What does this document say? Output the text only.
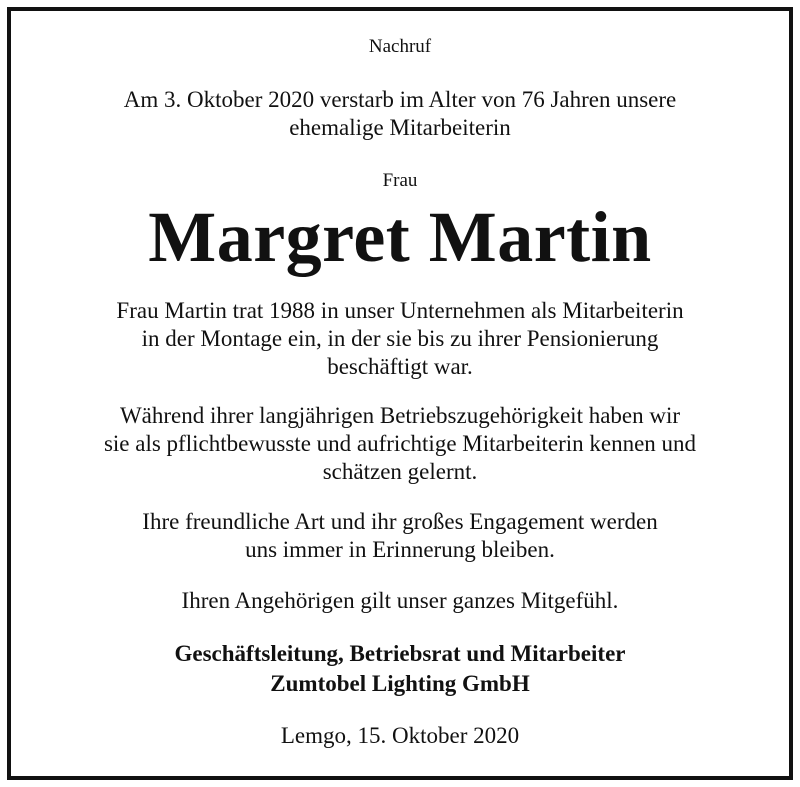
Nachruf
Am 3. Oktober 2020 verstarb im Alter von 76 Jahren unsere
ehemalige Mitarbeiterin
Frau
Margret Martin
Frau Martin trat 1988 in unser Unternehmen als Mitarbeiterin
in der Montage ein, in der sie bis zu ihrer Pensionierung
beschäftigt war.
Während ihrer langjährigen Betriebszugehörigkeit haben wir
sie als pflichtbewusste und aufrichtige Mitarbeiterin kennen und
schätzen gelernt.
Ihre freundliche Art und ihr großes Engagement werden
uns immer in Erinnerung bleiben.
Ihren Angehörigen gilt unser ganzes Mitgefühl.
Geschäftsleitung, Betriebsrat und Mitarbeiter
Zumtobel Lighting GmbH
Lemgo, 15. Oktober 2020
